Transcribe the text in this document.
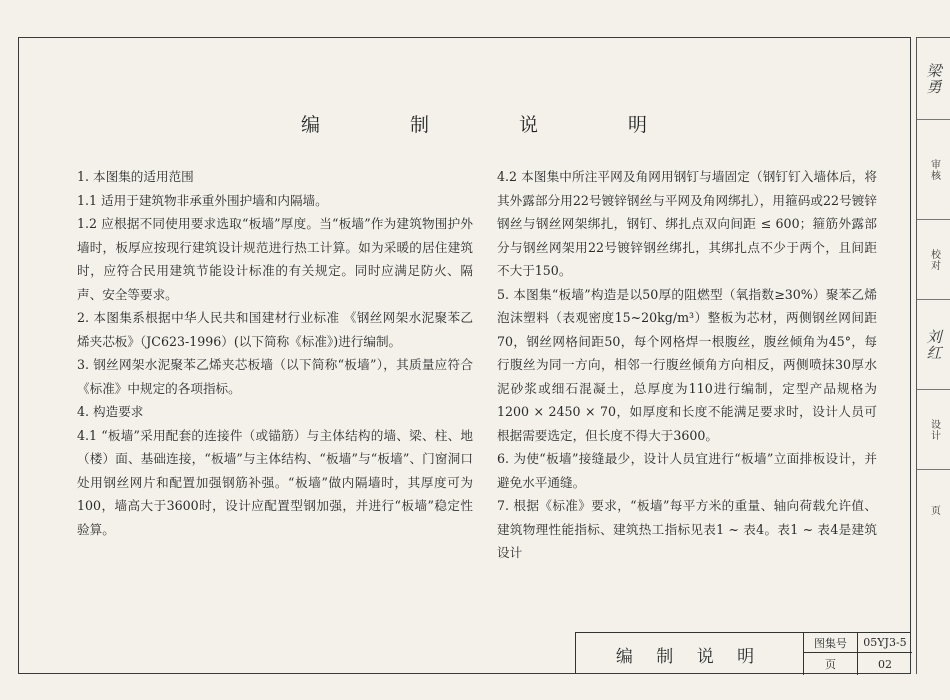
编 制 说 明

1. 本图集的适用范围

1.1 适用于建筑物非承重外围护墙和内隔墙。

1.2 应根据不同使用要求选取“板墙”厚度。当“板墙”作为建筑物围护外墙时，板厚应按现行建筑设计规范进行热工计算。如为采暖的居住建筑时，应符合民用建筑节能设计标准的有关规定。同时应满足防火、隔声、安全等要求。

2. 本图集系根据中华人民共和国建材行业标准 《钢丝网架水泥聚苯乙烯夹芯板》（JC623-1996）(以下简称《标准》)进行编制。

3. 钢丝网架水泥聚苯乙烯夹芯板墙（以下简称“板墙”），其质量应符合《标准》中规定的各项指标。

4. 构造要求

4.1 “板墙”采用配套的连接件（或锚筋）与主体结构的墙、梁、柱、地（楼）面、基础连接，“板墙”与主体结构、“板墙”与“板墙”、门窗洞口处用钢丝网片和配置加强钢筋补强。“板墙”做内隔墙时，其厚度可为100，墙高大于3600时，设计应配置型钢加强，并进行“板墙”稳定性验算。

4.2 本图集中所注平网及角网用钢钉与墙固定（钢钉钉入墙体后，将其外露部分用22号镀锌钢丝与平网及角网绑扎），用箍码或22号镀锌钢丝与钢丝网架绑扎，钢钉、绑扎点双向间距 ≤ 600；箍筋外露部分与钢丝网架用22号镀锌钢丝绑扎，其绑扎点不少于两个，且间距不大于150。

5. 本图集“板墙”构造是以50厚的阻燃型（氧指数≥30%）聚苯乙烯泡沫塑料（表观密度15~20kg/m³）整板为芯材，两侧钢丝网间距70，钢丝网格间距50，每个网格焊一根腹丝，腹丝倾角为45°，每行腹丝为同一方向，相邻一行腹丝倾角方向相反，两侧喷抹30厚水泥砂浆或细石混凝土，总厚度为110进行编制，定型产品规格为1200 × 2450 × 70，如厚度和长度不能满足要求时，设计人员可根据需要选定，但长度不得大于3600。

6. 为使“板墙”接缝最少，设计人员宜进行“板墙”立面排板设计，并避免水平通缝。

7. 根据《标准》要求，“板墙”每平方米的重量、轴向荷载允许值、建筑物理性能指标、建筑热工指标见表1 ~ 表4。表1 ~ 表4是建筑设计

梁勇
审核
校对
刘红
设计
页
编 制 说 明
图集号	05YJ3-5
页	02
